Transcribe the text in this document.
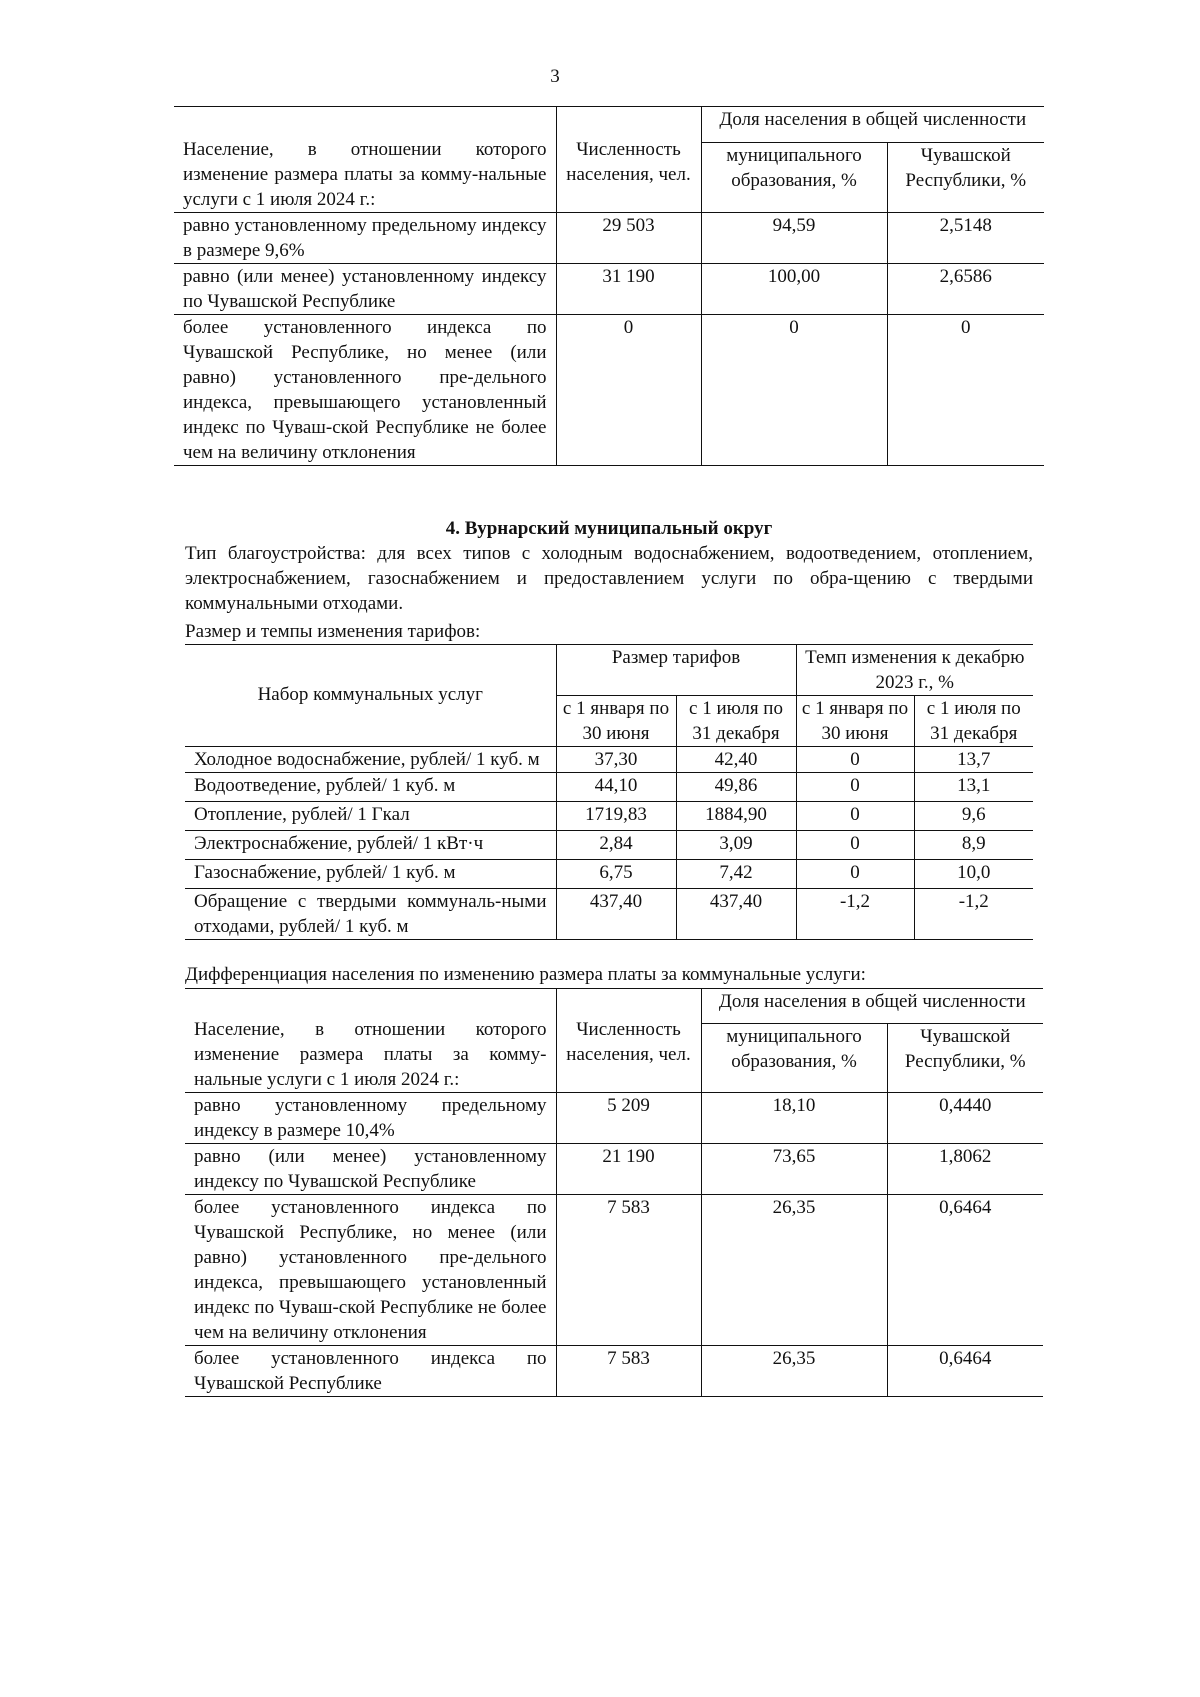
3
Население, в отношении которого изменение размера платы за комму-нальные услуги с 1 июля 2024 г.:	Численность населения, чел.	Доля населения в общей численности	
		муниципального образования, %	Чувашской Республики, %
равно установленному предельному индексу в размере 9,6%	29 503	94,59	2,5148
равно (или менее) установленному индексу по Чувашской Республике	31 190	100,00	2,6586
более установленного индекса по Чувашской Республике, но менее (или равно) установленного пре-дельного индекса, превышающего установленный индекс по Чуваш-ской Республике не более чем на величину отклонения	0	0	0
4. Вурнарский муниципальный округ
Тип благоустройства: для всех типов с холодным водоснабжением, водоотведением, отоплением, электроснабжением, газоснабжением и предоставлением услуги по обра-щению с твердыми коммунальными отходами.
Размер и темпы изменения тарифов:
Набор коммунальных услуг	Размер тарифов		Темп изменения к декабрю 2023 г., %	
	с 1 января по 30 июня	с 1 июля по 31 декабря	с 1 января по 30 июня	с 1 июля по 31 декабря
Холодное водоснабжение, рублей/ 1 куб. м	37,30	42,40	0	13,7
Водоотведение, рублей/ 1 куб. м	44,10	49,86	0	13,1
Отопление, рублей/ 1 Гкал	1719,83	1884,90	0	9,6
Электроснабжение, рублей/ 1 кВт·ч	2,84	3,09	0	8,9
Газоснабжение, рублей/ 1 куб. м	6,75	7,42	0	10,0
Обращение с твердыми коммуналь-ными отходами, рублей/ 1 куб. м	437,40	437,40	-1,2	-1,2
Дифференциация населения по изменению размера платы за коммунальные услуги:
Население, в отношении которого изменение размера платы за комму-нальные услуги с 1 июля 2024 г.:	Численность населения, чел.	Доля населения в общей численности	
		муниципального образования, %	Чувашской Республики, %
равно установленному предельному индексу в размере 10,4%	5 209	18,10	0,4440
равно (или менее) установленному индексу по Чувашской Республике	21 190	73,65	1,8062
более установленного индекса по Чувашской Республике, но менее (или равно) установленного пре-дельного индекса, превышающего установленный индекс по Чуваш-ской Республике не более чем на величину отклонения	7 583	26,35	0,6464
более установленного индекса по Чувашской Республике	7 583	26,35	0,6464
